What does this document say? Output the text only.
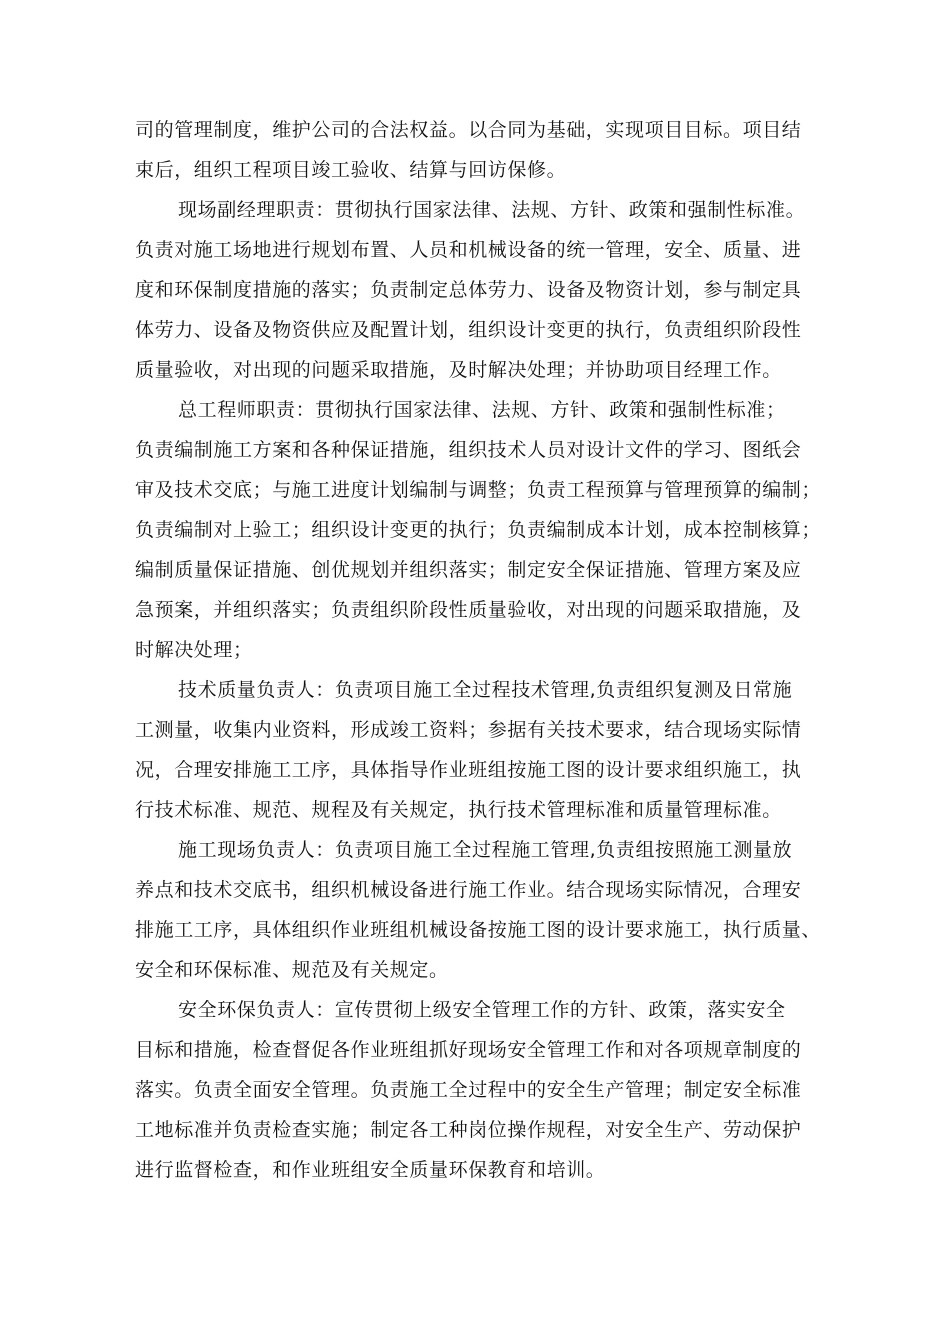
司的管理制度，维护公司的合法权益。以合同为基础，实现项目目标。项目结
束后，组织工程项目竣工验收、结算与回访保修。
现场副经理职责：贯彻执行国家法律、法规、方针、政策和强制性标准。
负责对施工场地进行规划布置、人员和机械设备的统一管理，安全、质量、进
度和环保制度措施的落实；负责制定总体劳力、设备及物资计划，参与制定具
体劳力、设备及物资供应及配置计划，组织设计变更的执行，负责组织阶段性
质量验收，对出现的问题采取措施，及时解决处理；并协助项目经理工作。
总工程师职责：贯彻执行国家法律、法规、方针、政策和强制性标准；
负责编制施工方案和各种保证措施，组织技术人员对设计文件的学习、图纸会
审及技术交底；与施工进度计划编制与调整；负责工程预算与管理预算的编制；
负责编制对上验工；组织设计变更的执行；负责编制成本计划，成本控制核算；
编制质量保证措施、创优规划并组织落实；制定安全保证措施、管理方案及应
急预案，并组织落实；负责组织阶段性质量验收，对出现的问题采取措施，及
时解决处理；
技术质量负责人：负责项目施工全过程技术管理,负责组织复测及日常施
工测量，收集内业资料，形成竣工资料；参据有关技术要求，结合现场实际情
况，合理安排施工工序，具体指导作业班组按施工图的设计要求组织施工，执
行技术标准、规范、规程及有关规定，执行技术管理标准和质量管理标准。
施工现场负责人：负责项目施工全过程施工管理,负责组按照施工测量放
养点和技术交底书，组织机械设备进行施工作业。结合现场实际情况，合理安
排施工工序，具体组织作业班组机械设备按施工图的设计要求施工，执行质量、
安全和环保标准、规范及有关规定。
安全环保负责人：宣传贯彻上级安全管理工作的方针、政策，落实安全
目标和措施，检查督促各作业班组抓好现场安全管理工作和对各项规章制度的
落实。负责全面安全管理。负责施工全过程中的安全生产管理；制定安全标准
工地标准并负责检查实施；制定各工种岗位操作规程，对安全生产、劳动保护
进行监督检查，和作业班组安全质量环保教育和培训。
